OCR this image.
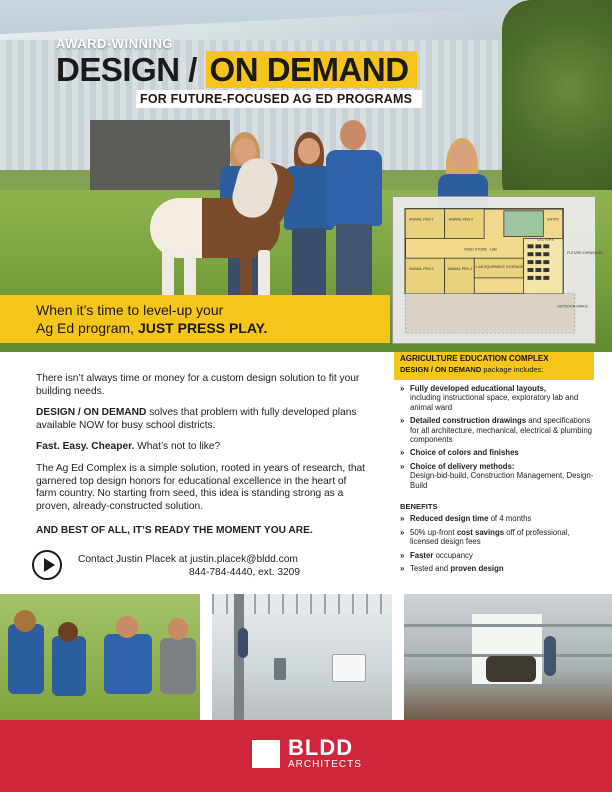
AWARD-WINNING
DESIGN / ON DEMAND
FOR FUTURE-FOCUSED AG ED PROGRAMS
ANIMAL PEN 1	ANIMAL PEN 2
ANIMAL PEN 3	ANIMAL PEN 4
LAB
LAB EQUIPMENT STORAGE
FEED STORE
ENTRY
LECTURE
FUTURE EXPANSION
OUTDOOR SPACE
When it’s time to level-up your
Ag Ed program, JUST PRESS PLAY.
AGRICULTURE EDUCATION COMPLEX
DESIGN / ON DEMAND package includes:
» Fully developed educational layouts,
including instructional space, exploratory lab and animal ward
» Detailed construction drawings and specifications for all architecture, mechanical, electrical & plumbing components
» Choice of colors and finishes
» Choice of delivery methods:
Design-bid-build, Construction Management, Design-Build
BENEFITS
» Reduced design time of 4 months
» 50% up-front cost savings off of professional, licensed design fees
» Faster occupancy
» Tested and proven design

There isn’t always time or money for a custom design solution to fit your building needs.

DESIGN / ON DEMAND solves that problem with fully developed plans available NOW for busy school districts.

Fast. Easy. Cheaper. What’s not to like?

The Ag Ed Complex is a simple solution, rooted in years of research, that garnered top design honors for educational excellence in the heart of farm country. No starting from seed, this idea is standing strong as a proven, already-constructed solution.

AND BEST OF ALL, IT’S READY THE MOMENT YOU ARE.

Contact Justin Placek at justin.placek@bldd.com
844-784-4440, ext. 3209
BLDD
ARCHITECTS
